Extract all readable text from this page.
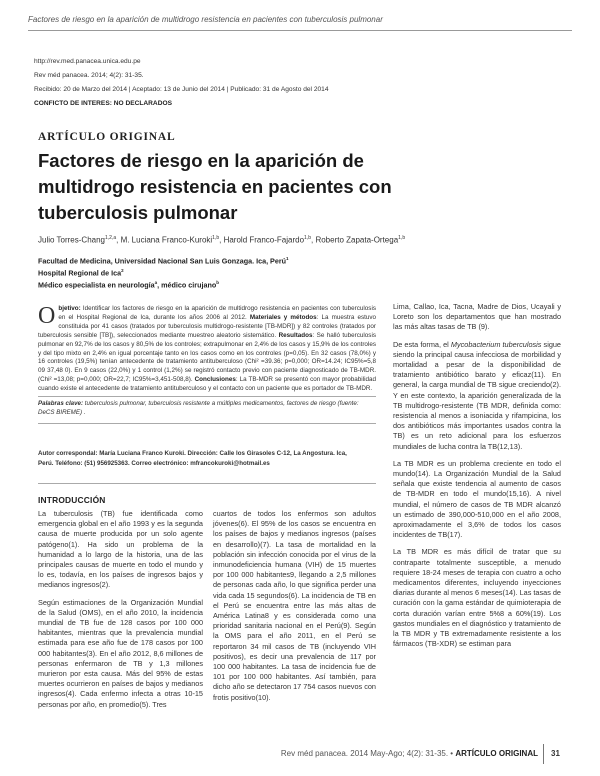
Factores de riesgo en la aparición de multidrogo resistencia en pacientes con tuberculosis pulmonar
http://rev.med.panacea.unica.edu.pe
Rev méd panacea. 2014; 4(2): 31-35.
Recibido: 20 de Marzo del 2014 | Aceptado: 13 de Junio del 2014 | Publicado: 31 de Agosto del 2014
CONFICTO DE INTERES: NO DECLARADOS
ARTÍCULO ORIGINAL
Factores de riesgo en la aparición de multidrogo resistencia en pacientes con tuberculosis pulmonar
Julio Torres-Chang$^{1,2,a}$, M. Luciana Franco-Kuroki$^{1,b}$, Harold Franco-Fajardo$^{1,b}$, Roberto Zapata-Ortega$^{1,b}$
Facultad de Medicina, Universidad Nacional San Luis Gonzaga. Ica, Perú$^1$
Hospital Regional de Ica$^2$
Médico especialista en neurología$^a$, médico cirujano$^b$
Objetivo: Identificar los factores de riesgo en la aparición de multidrogo resistencia en pacientes con tuberculosis en el Hospital Regional de Ica, durante los años 2006 al 2012. Materiales y métodos: La muestra estuvo constituida por 41 casos (tratados por tuberculosis multidrogo-resistente [TB-MDR]) y 82 controles (tratados por tuberculosis sensible [TB]), seleccionados mediante muestreo aleatorio sistemático. Resultados: Se halló tuberculosis pulmonar en 92,7% de los casos y 80,5% de los controles; extrapulmonar en 2,4% de los casos y 15,9% de los controles y del tipo mixto en 2,4% en igual porcentaje tanto en los casos como en los controles (p=0,05). En 32 casos (78,0%) y 16 controles (19,5%) tenían antecedente de tratamiento antituberculoso (Chi² =39.36; p=0,000; OR=14.24; IC95%=5,8 09 37,48 0). En 9 casos (22,0%) y 1 control (1,2%) se registró contacto previo con paciente diagnosticado de TB-MDR. (Chi² =13,08; p=0,000; OR=22,7; IC95%=3,451-508,8). Conclusiones: La TB-MDR se presentó con mayor probabilidad cuando existe el antecedente de tratamiento antituberculoso y el contacto con un paciente que es portador de TB-MDR.
Palabras clave: tuberculosis pulmonar, tuberculosis resistente a múltiples medicamentos, factores de riesgo (fuente: DeCS BIREME) .
Autor correspondal: María Luciana Franco Kuroki. Dirección: Calle los Girasoles C-12, La Angostura. Ica,
Perú. Teléfono: (51) 956925363. Correo electrónico: mfrancokuroki@hotmail.es
INTRODUCCIÓN

La tuberculosis (TB) fue identificada como emergencia global en el año 1993 y es la segunda causa de muerte producida por un solo agente patógeno(1). Ha sido un problema de la humanidad a lo largo de la historia, una de las principales causas de muerte en todo el mundo y lo es, todavía, en los países de ingresos bajos y medianos ingresos(2).

Según estimaciones de la Organización Mundial de la Salud (OMS), en el año 2010, la incidencia mundial de TB fue de 128 casos por 100 000 habitantes, mientras que la prevalencia mundial estimada para ese año fue de 178 casos por 100 000 habitantes(3). En el año 2012, 8,6 millones de personas enfermaron de TB y 1,3 millones murieron por esta causa. Más del 95% de estas muertes ocurrieron en países de bajos y medianos ingresos(4). Cada enfermo infecta a otras 10-15 personas por año, en promedio(5). Tres

cuartos de todos los enfermos son adultos jóvenes(6). El 95% de los casos se encuentra en los países de bajos y medianos ingresos (países en desarrollo)(7). La tasa de mortalidad en la población sin infección conocida por el virus de la inmunodeficiencia humana (VIH) de 15 muertes por 100 000 habitantes9, llegando a 2,5 millones de personas cada año, lo que significa perder una vida cada 15 segundos(6). La incidencia de TB en el Perú se encuentra entre las más altas de América Latina8 y es considerada como una prioridad sanitaria nacional en el Perú(9). Según la OMS para el año 2011, en el Perú se reportaron 34 mil casos de TB (incluyendo VIH positivos), es decir una prevalencia de 117 por 100 000 habitantes. La tasa de incidencia fue de 101 por 100 000 habitantes. Así también, para dicho año se detectaron 17 754 casos nuevos con frotis positivo(10).

Lima, Callao, Ica, Tacna, Madre de Dios, Ucayali y Loreto son los departamentos que han mostrado las más altas tasas de TB (9).

De esta forma, el Mycobacterium tuberculosis sigue siendo la principal causa infecciosa de morbilidad y mortalidad a pesar de la disponibilidad de tratamiento antibiótico barato y eficaz(11). En general, la carga mundial de TB sigue creciendo(2). Y en este contexto, la aparición generalizada de la TB multidrogo-resistente (TB MDR, definida como: resistencia al menos a isoniacida y rifampicina, los dos antibióticos más importantes usados contra la TB) es un reto adicional para los esfuerzos mundiales de lucha contra la TB(12,13).

La TB MDR es un problema creciente en todo el mundo(14). La Organización Mundial de la Salud señala que existe tendencia al aumento de casos de TB-MDR en todo el mundo(15,16). A nivel mundial, el número de casos de TB MDR alcanzó un estimado de 390,000-510,000 en el año 2008, aproximadamente el 3,6% de todos los casos incidentes de TB(17).

La TB MDR es más difícil de tratar que su contraparte totalmente susceptible, a menudo requiere 18-24 meses de terapia con cuatro a ocho medicamentos diferentes, incluyendo inyecciones diarias durante al menos 6 meses(14). Las tasas de curación con la gama estándar de quimioterapia de corta duración varían entre 5%8 a 60%(19). Los gastos mundiales en el diagnóstico y tratamiento de la TB MDR y TB extremadamente resistente a los fármacos (TB-XDR) se estiman para

Rev méd panacea. 2014 May-Ago; 4(2): 31-35. • ARTÍCULO ORIGINAL 31
